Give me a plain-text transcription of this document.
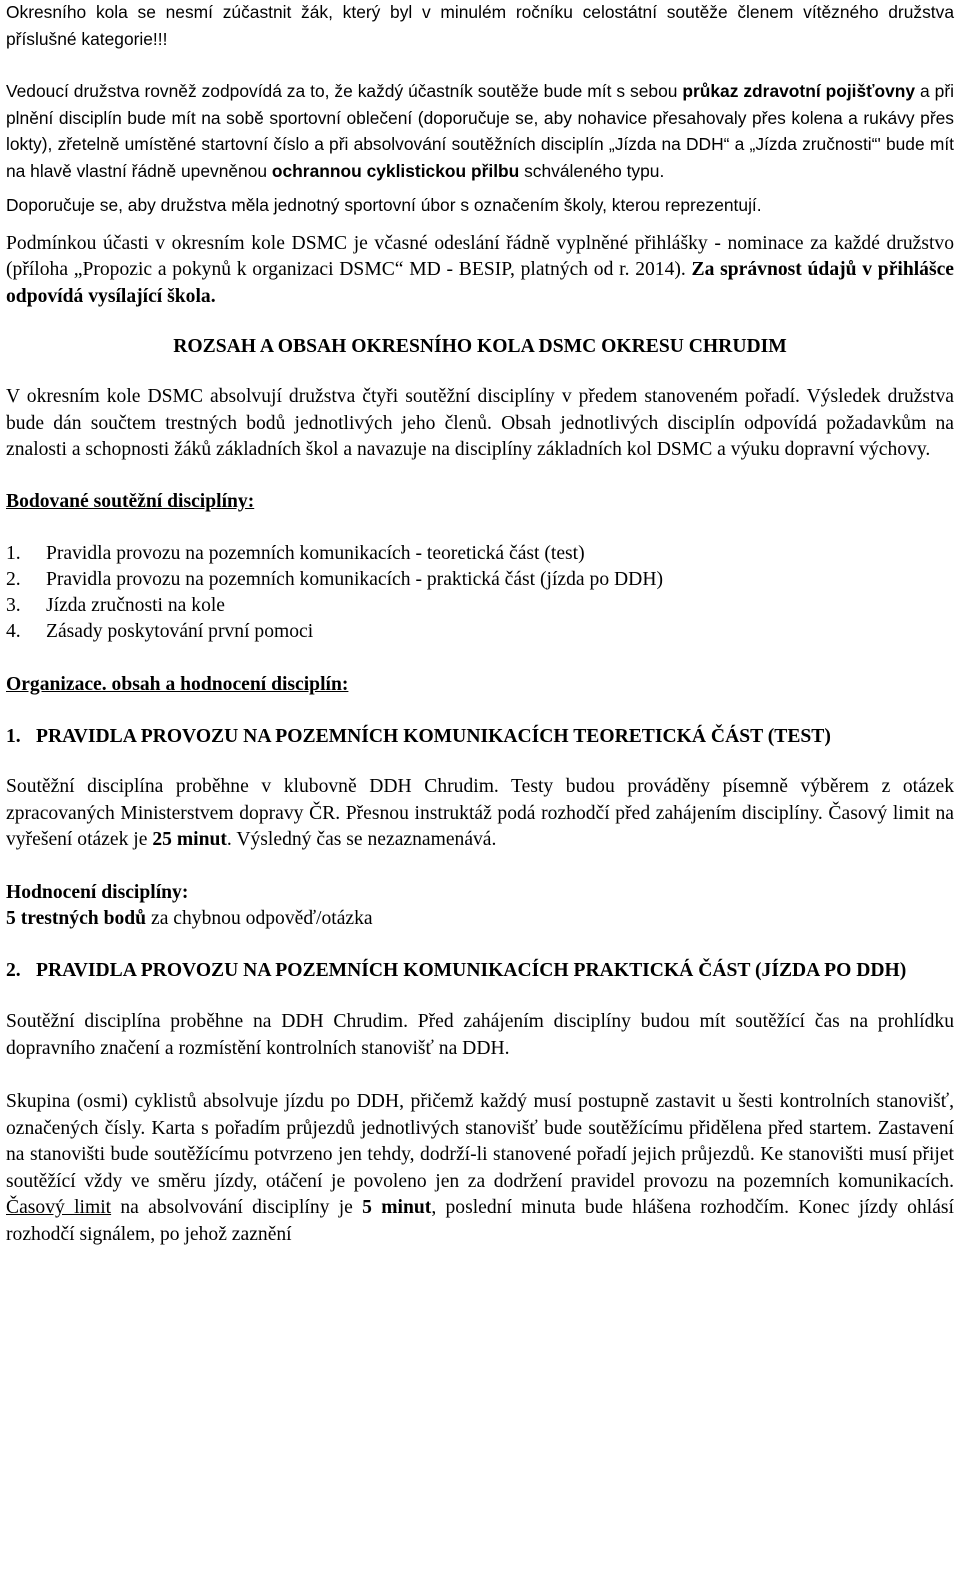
Okresního kola se nesmí zúčastnit žák, který byl v minulém ročníku celostátní soutěže členem vítězného družstva příslušné kategorie!!!

Vedoucí družstva rovněž zodpovídá za to, že každý účastník soutěže bude mít s sebou průkaz zdravotní pojišťovny a při plnění disciplín bude mít na sobě sportovní oblečení (doporučuje se, aby nohavice přesahovaly přes kolena a rukávy přes lokty), zřetelně umístěné startovní číslo a při absolvování soutěžních disciplín „Jízda na DDH“ a „Jízda zručnosti“' bude mít na hlavě vlastní řádně upevněnou ochrannou cyklistickou přilbu schváleného typu.

Doporučuje se, aby družstva měla jednotný sportovní úbor s označením školy, kterou reprezentují.

Podmínkou účasti v okresním kole DSMC je včasné odeslání řádně vyplněné přihlášky - nominace za každé družstvo (příloha „Propozic a pokynů k organizaci DSMC“ MD - BESIP, platných od r. 2014). Za správnost údajů v přihlášce odpovídá vysílající škola.

ROZSAH A OBSAH OKRESNÍHO KOLA DSMC OKRESU CHRUDIM

V okresním kole DSMC absolvují družstva čtyři soutěžní disciplíny v předem stanoveném pořadí. Výsledek družstva bude dán součtem trestných bodů jednotlivých jeho členů. Obsah jednotlivých disciplín odpovídá požadavkům na znalosti a schopnosti žáků základních škol a navazuje na disciplíny základních kol DSMC a výuku dopravní výchovy.

Bodované soutěžní disciplíny:

1.	Pravidla provozu na pozemních komunikacích - teoretická část (test)
2.	Pravidla provozu na pozemních komunikacích - praktická část (jízda po DDH)
3.	Jízda zručnosti na kole
4.	Zásady poskytování první pomoci

Organizace. obsah a hodnocení disciplín:

1. PRAVIDLA PROVOZU NA POZEMNÍCH KOMUNIKACÍCH TEORETICKÁ ČÁST (TEST)

Soutěžní disciplína proběhne v klubovně DDH Chrudim. Testy budou prováděny písemně výběrem z otázek zpracovaných Ministerstvem dopravy ČR. Přesnou instruktáž podá rozhodčí před zahájením disciplíny. Časový limit na vyřešení otázek je 25 minut. Výsledný čas se nezaznamenává.

Hodnocení disciplíny:

5 trestných bodů za chybnou odpověď/otázka

2. PRAVIDLA PROVOZU NA POZEMNÍCH KOMUNIKACÍCH PRAKTICKÁ ČÁST (JÍZDA PO DDH)

Soutěžní disciplína proběhne na DDH Chrudim. Před zahájením disciplíny budou mít soutěžící čas na prohlídku dopravního značení a rozmístění kontrolních stanovišť na DDH.

Skupina (osmi) cyklistů absolvuje jízdu po DDH, přičemž každý musí postupně zastavit u šesti kontrolních stanovišť, označených čísly. Karta s pořadím průjezdů jednotlivých stanovišť bude soutěžícímu přidělena před startem. Zastavení na stanovišti bude soutěžícímu potvrzeno jen tehdy, dodrží-li stanovené pořadí jejich průjezdů. Ke stanovišti musí přijet soutěžící vždy ve směru jízdy, otáčení je povoleno jen za dodržení pravidel provozu na pozemních komunikacích. Časový limit na absolvování disciplíny je 5 minut, poslední minuta bude hlášena rozhodčím. Konec jízdy ohlásí rozhodčí signálem, po jehož zaznění
